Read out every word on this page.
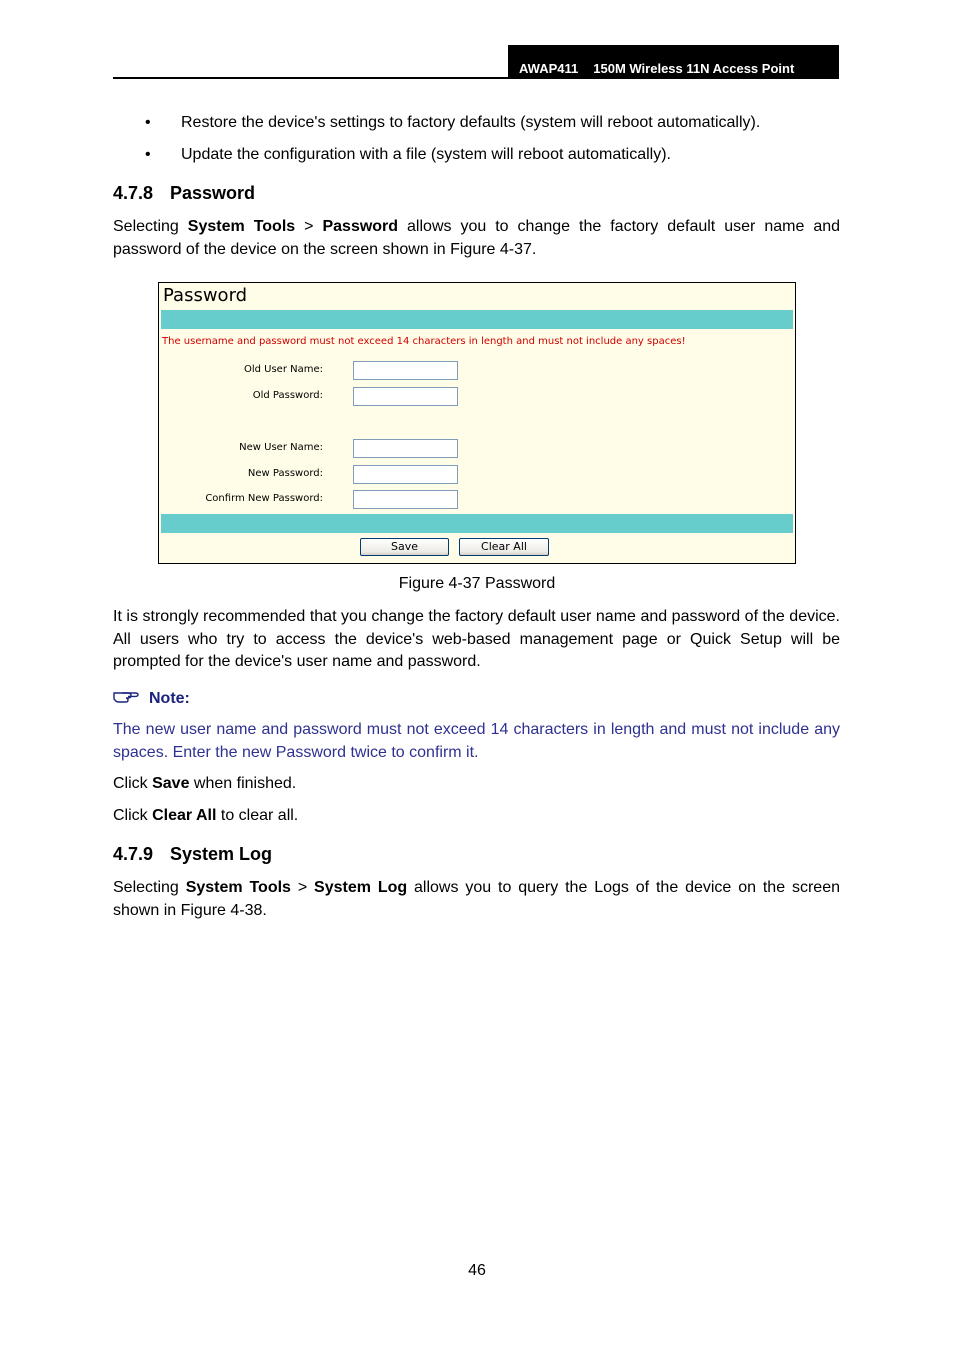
AWAP411 150M Wireless 11N Access Point
• Restore the device's settings to factory defaults (system will reboot automatically).
• Update the configuration with a file (system will reboot automatically).
4.7.8 Password
Selecting System Tools > Password allows you to change the factory default user name and password of the device on the screen shown in Figure 4-37.
Password
The username and password must not exceed 14 characters in length and must not include any spaces!
Old User Name:
Old Password:
New User Name:
New Password:
Confirm New Password:
Save	Clear All
Figure 4-37 Password
It is strongly recommended that you change the factory default user name and password of the device. All users who try to access the device's web-based management page or Quick Setup will be prompted for the device's user name and password.
Note:
The new user name and password must not exceed 14 characters in length and must not include any spaces. Enter the new Password twice to confirm it.
Click Save when finished.
Click Clear All to clear all.
4.7.9 System Log
Selecting System Tools > System Log allows you to query the Logs of the device on the screen shown in Figure 4-38.
46
